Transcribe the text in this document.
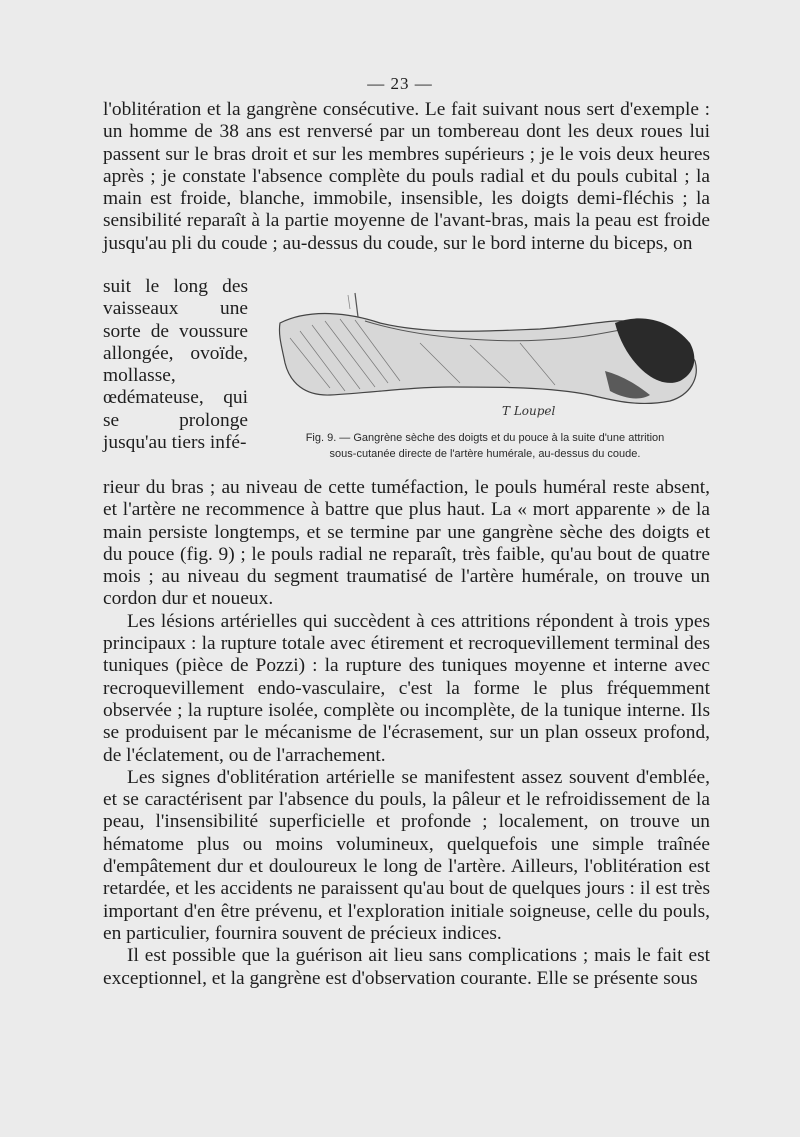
— 23 —

l'oblitération et la gangrène consécutive. Le fait suivant nous sert d'exemple : un homme de 38 ans est renversé par un tombereau dont les deux roues lui passent sur le bras droit et sur les membres supérieurs ; je le vois deux heures après ; je constate l'absence complète du pouls radial et du pouls cubital ; la main est froide, blanche, immobile, insensible, les doigts demi-fléchis ; la sensibilité reparaît à la partie moyenne de l'avant-bras, mais la peau est froide jusqu'au pli du coude ; au-dessus du coude, sur le bord interne du biceps, on

suit le long des vaisseaux une sorte de voussure allongée, ovoïde, mollasse, œdémateuse, qui se prolonge jusqu'au tiers infé-

T Loupel
Fig. 9. — Gangrène sèche des doigts et du pouce à la suite d'une attrition
sous-cutanée directe de l'artère humérale, au-dessus du coude.

rieur du bras ; au niveau de cette tuméfaction, le pouls huméral reste absent, et l'artère ne recommence à battre que plus haut. La « mort apparente » de la main persiste longtemps, et se termine par une gangrène sèche des doigts et du pouce (fig. 9) ; le pouls radial ne reparaît, très faible, qu'au bout de quatre mois ; au niveau du segment traumatisé de l'artère humérale, on trouve un cordon dur et noueux.

Les lésions artérielles qui succèdent à ces attritions répondent à trois ypes principaux : la rupture totale avec étirement et recroquevillement terminal des tuniques (pièce de Pozzi) : la rupture des tuniques moyenne et interne avec recroquevillement endo-vasculaire, c'est la forme le plus fréquemment observée ; la rupture isolée, complète ou incomplète, de la tunique interne. Ils se produisent par le mécanisme de l'écrasement, sur un plan osseux profond, de l'éclatement, ou de l'arrachement.

Les signes d'oblitération artérielle se manifestent assez souvent d'emblée, et se caractérisent par l'absence du pouls, la pâleur et le refroidissement de la peau, l'insensibilité superficielle et profonde ; localement, on trouve un hématome plus ou moins volumineux, quelquefois une simple traînée d'empâtement dur et douloureux le long de l'artère. Ailleurs, l'oblitération est retardée, et les accidents ne paraissent qu'au bout de quelques jours : il est très important d'en être prévenu, et l'exploration initiale soigneuse, celle du pouls, en particulier, fournira souvent de précieux indices.

Il est possible que la guérison ait lieu sans complications ; mais le fait est exceptionnel, et la gangrène est d'observation courante. Elle se présente sous
